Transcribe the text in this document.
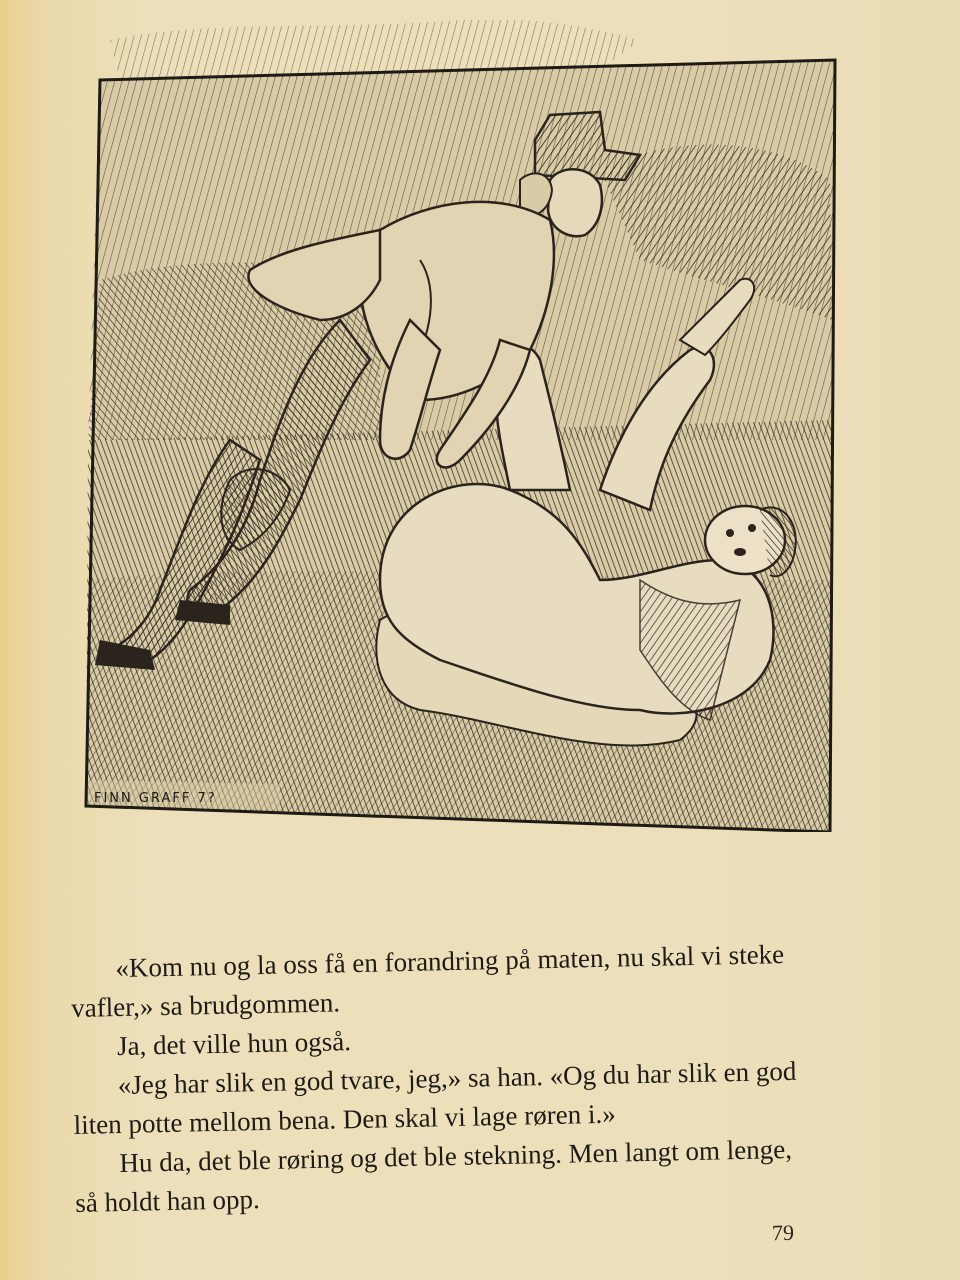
FINN GRAFF 7?
«Kom nu og la oss få en forandring på maten, nu skal vi steke
vafler,» sa brudgommen.
Ja, det ville hun også.
«Jeg har slik en god tvare, jeg,» sa han. «Og du har slik en god
liten potte mellom bena. Den skal vi lage røren i.»
Hu da, det ble røring og det ble stekning. Men langt om lenge,
så holdt han opp.
79
